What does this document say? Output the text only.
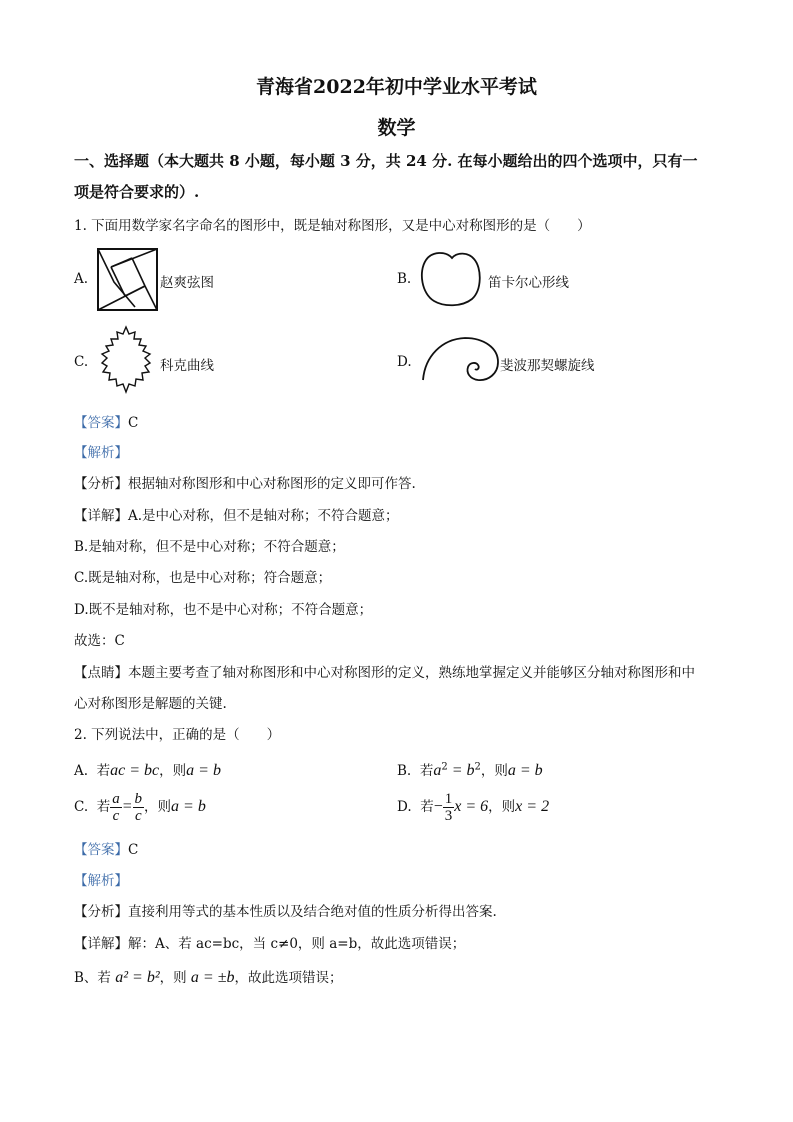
青海省2022年初中学业水平考试
数学
一、选择题（本大题共 8 小题，每小题 3 分，共 24 分. 在每小题给出的四个选项中，只有一
项是符合要求的）.
1. 下面用数学家名字命名的图形中，既是轴对称图形，又是中心对称图形的是（　　）
A.	赵爽弦图	B.	笛卡尔心形线
C.	科克曲线	D.	斐波那契螺旋线
【答案】C
【解析】
【分析】根据轴对称图形和中心对称图形的定义即可作答.
【详解】A.是中心对称，但不是轴对称；不符合题意；
B.是轴对称，但不是中心对称；不符合题意；
C.既是轴对称，也是中心对称；符合题意；
D.既不是轴对称，也不是中心对称；不符合题意；
故选：C
【点睛】本题主要考查了轴对称图形和中心对称图形的定义，熟练地掌握定义并能够区分轴对称图形和中
心对称图形是解题的关键.
2. 下列说法中，正确的是（　　）
A. 若ac = bc，则a = b	B. 若$a^2 = b^2$，则a = b
C. 若 $\frac{a}{c} = \frac{b}{c}$ ，则a = b	D. 若− $\frac{1}{3}$ x = 6，则x = 2
【答案】C
【解析】
【分析】直接利用等式的基本性质以及结合绝对值的性质分析得出答案.
【详解】解：A、若 ac=bc，当 c≠0，则 a=b，故此选项错误；
B、若 a² = b²，则 a = ±b，故此选项错误；
